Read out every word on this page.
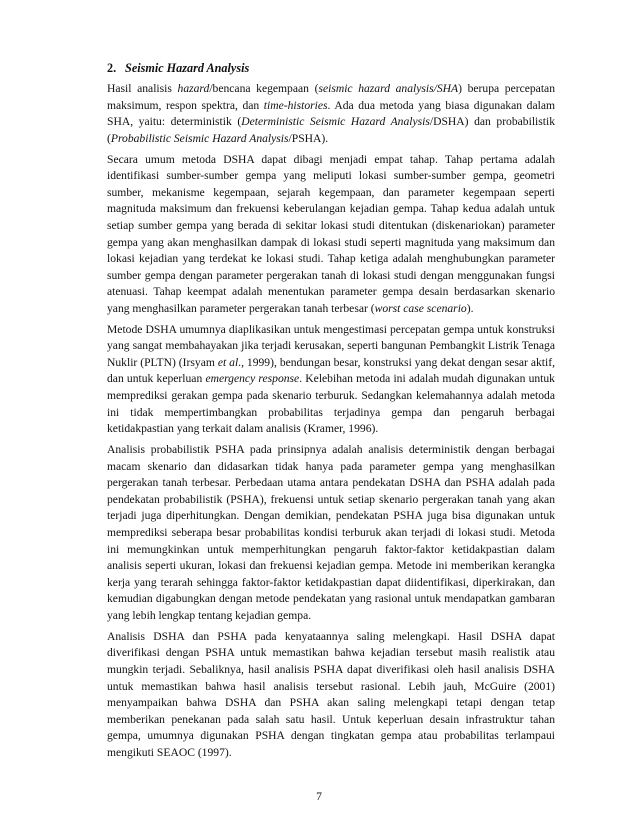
2. Seismic Hazard Analysis

Hasil analisis hazard/bencana kegempaan (seismic hazard analysis/SHA) berupa percepatan maksimum, respon spektra, dan time-histories. Ada dua metoda yang biasa digunakan dalam SHA, yaitu: deterministik (Deterministic Seismic Hazard Analysis/DSHA) dan probabilistik (Probabilistic Seismic Hazard Analysis/PSHA).

Secara umum metoda DSHA dapat dibagi menjadi empat tahap. Tahap pertama adalah identifikasi sumber-sumber gempa yang meliputi lokasi sumber-sumber gempa, geometri sumber, mekanisme kegempaan, sejarah kegempaan, dan parameter kegempaan seperti magnituda maksimum dan frekuensi keberulangan kejadian gempa. Tahap kedua adalah untuk setiap sumber gempa yang berada di sekitar lokasi studi ditentukan (diskenariokan) parameter gempa yang akan menghasilkan dampak di lokasi studi seperti magnituda yang maksimum dan lokasi kejadian yang terdekat ke lokasi studi. Tahap ketiga adalah menghubungkan parameter sumber gempa dengan parameter pergerakan tanah di lokasi studi dengan menggunakan fungsi atenuasi. Tahap keempat adalah menentukan parameter gempa desain berdasarkan skenario yang menghasilkan parameter pergerakan tanah terbesar (worst case scenario).

Metode DSHA umumnya diaplikasikan untuk mengestimasi percepatan gempa untuk konstruksi yang sangat membahayakan jika terjadi kerusakan, seperti bangunan Pembangkit Listrik Tenaga Nuklir (PLTN) (Irsyam et al., 1999), bendungan besar, konstruksi yang dekat dengan sesar aktif, dan untuk keperluan emergency response. Kelebihan metoda ini adalah mudah digunakan untuk memprediksi gerakan gempa pada skenario terburuk. Sedangkan kelemahannya adalah metoda ini tidak mempertimbangkan probabilitas terjadinya gempa dan pengaruh berbagai ketidakpastian yang terkait dalam analisis (Kramer, 1996).

Analisis probabilistik PSHA pada prinsipnya adalah analisis deterministik dengan berbagai macam skenario dan didasarkan tidak hanya pada parameter gempa yang menghasilkan pergerakan tanah terbesar. Perbedaan utama antara pendekatan DSHA dan PSHA adalah pada pendekatan probabilistik (PSHA), frekuensi untuk setiap skenario pergerakan tanah yang akan terjadi juga diperhitungkan. Dengan demikian, pendekatan PSHA juga bisa digunakan untuk memprediksi seberapa besar probabilitas kondisi terburuk akan terjadi di lokasi studi. Metoda ini memungkinkan untuk memperhitungkan pengaruh faktor-faktor ketidakpastian dalam analisis seperti ukuran, lokasi dan frekuensi kejadian gempa. Metode ini memberikan kerangka kerja yang terarah sehingga faktor-faktor ketidakpastian dapat diidentifikasi, diperkirakan, dan kemudian digabungkan dengan metode pendekatan yang rasional untuk mendapatkan gambaran yang lebih lengkap tentang kejadian gempa.

Analisis DSHA dan PSHA pada kenyataannya saling melengkapi. Hasil DSHA dapat diverifikasi dengan PSHA untuk memastikan bahwa kejadian tersebut masih realistik atau mungkin terjadi. Sebaliknya, hasil analisis PSHA dapat diverifikasi oleh hasil analisis DSHA untuk memastikan bahwa hasil analisis tersebut rasional. Lebih jauh, McGuire (2001) menyampaikan bahwa DSHA dan PSHA akan saling melengkapi tetapi dengan tetap memberikan penekanan pada salah satu hasil. Untuk keperluan desain infrastruktur tahan gempa, umumnya digunakan PSHA dengan tingkatan gempa atau probabilitas terlampaui mengikuti SEAOC (1997).

7
